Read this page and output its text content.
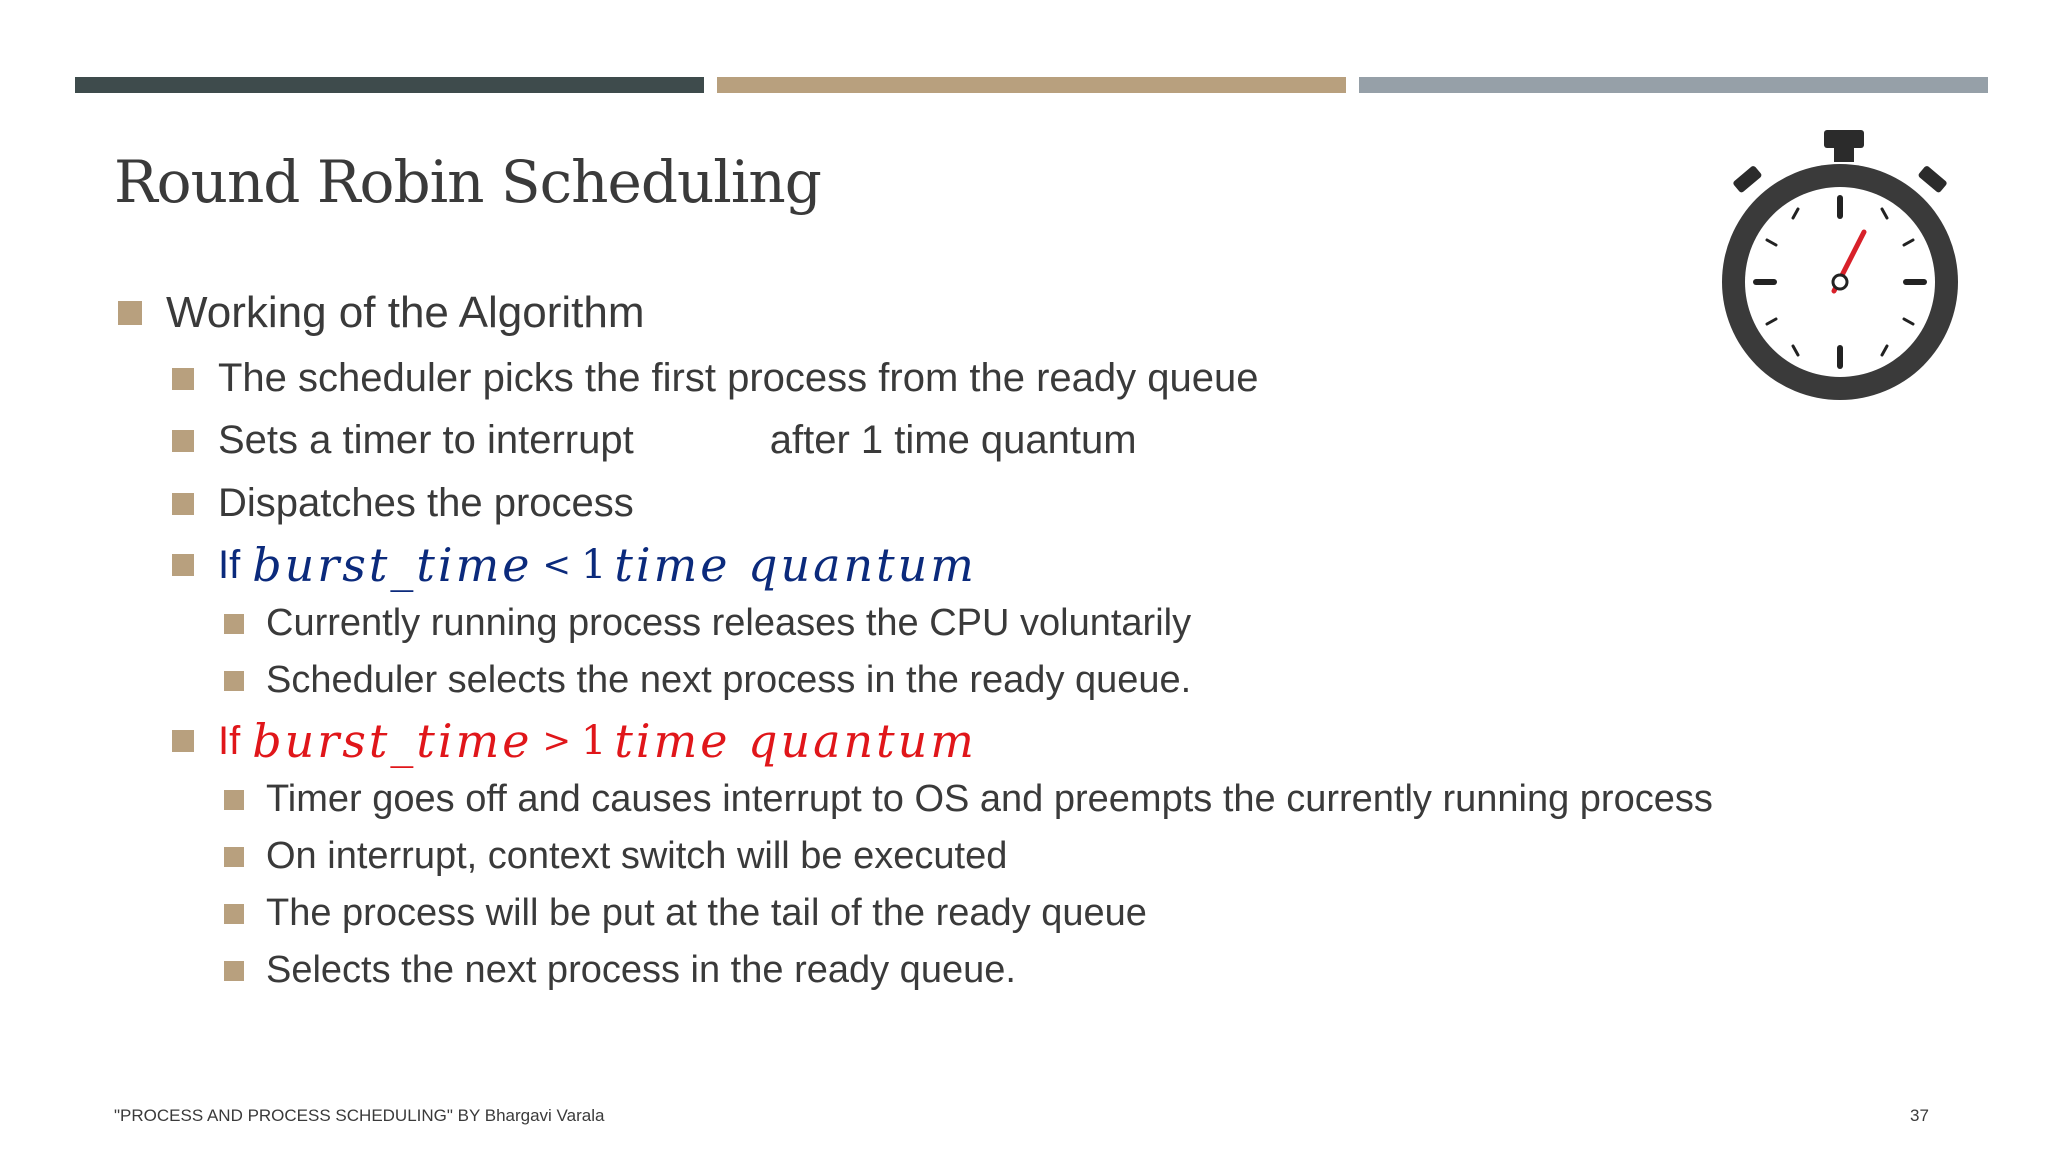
Round Robin Scheduling
Working of the Algorithm
The scheduler picks the first process from the ready queue
Sets a timer to interrupt	after 1 time quantum
Dispatches the process
If burst_time < 1 time quantum
Currently running process releases the CPU voluntarily
Scheduler selects the next process in the ready queue.
If burst_time > 1 time quantum
Timer goes off and causes interrupt to OS and preempts the currently running process
On interrupt, context switch will be executed
The process will be put at the tail of the ready queue
Selects the next process in the ready queue.
"PROCESS AND PROCESS SCHEDULING" BY Bhargavi Varala	37
